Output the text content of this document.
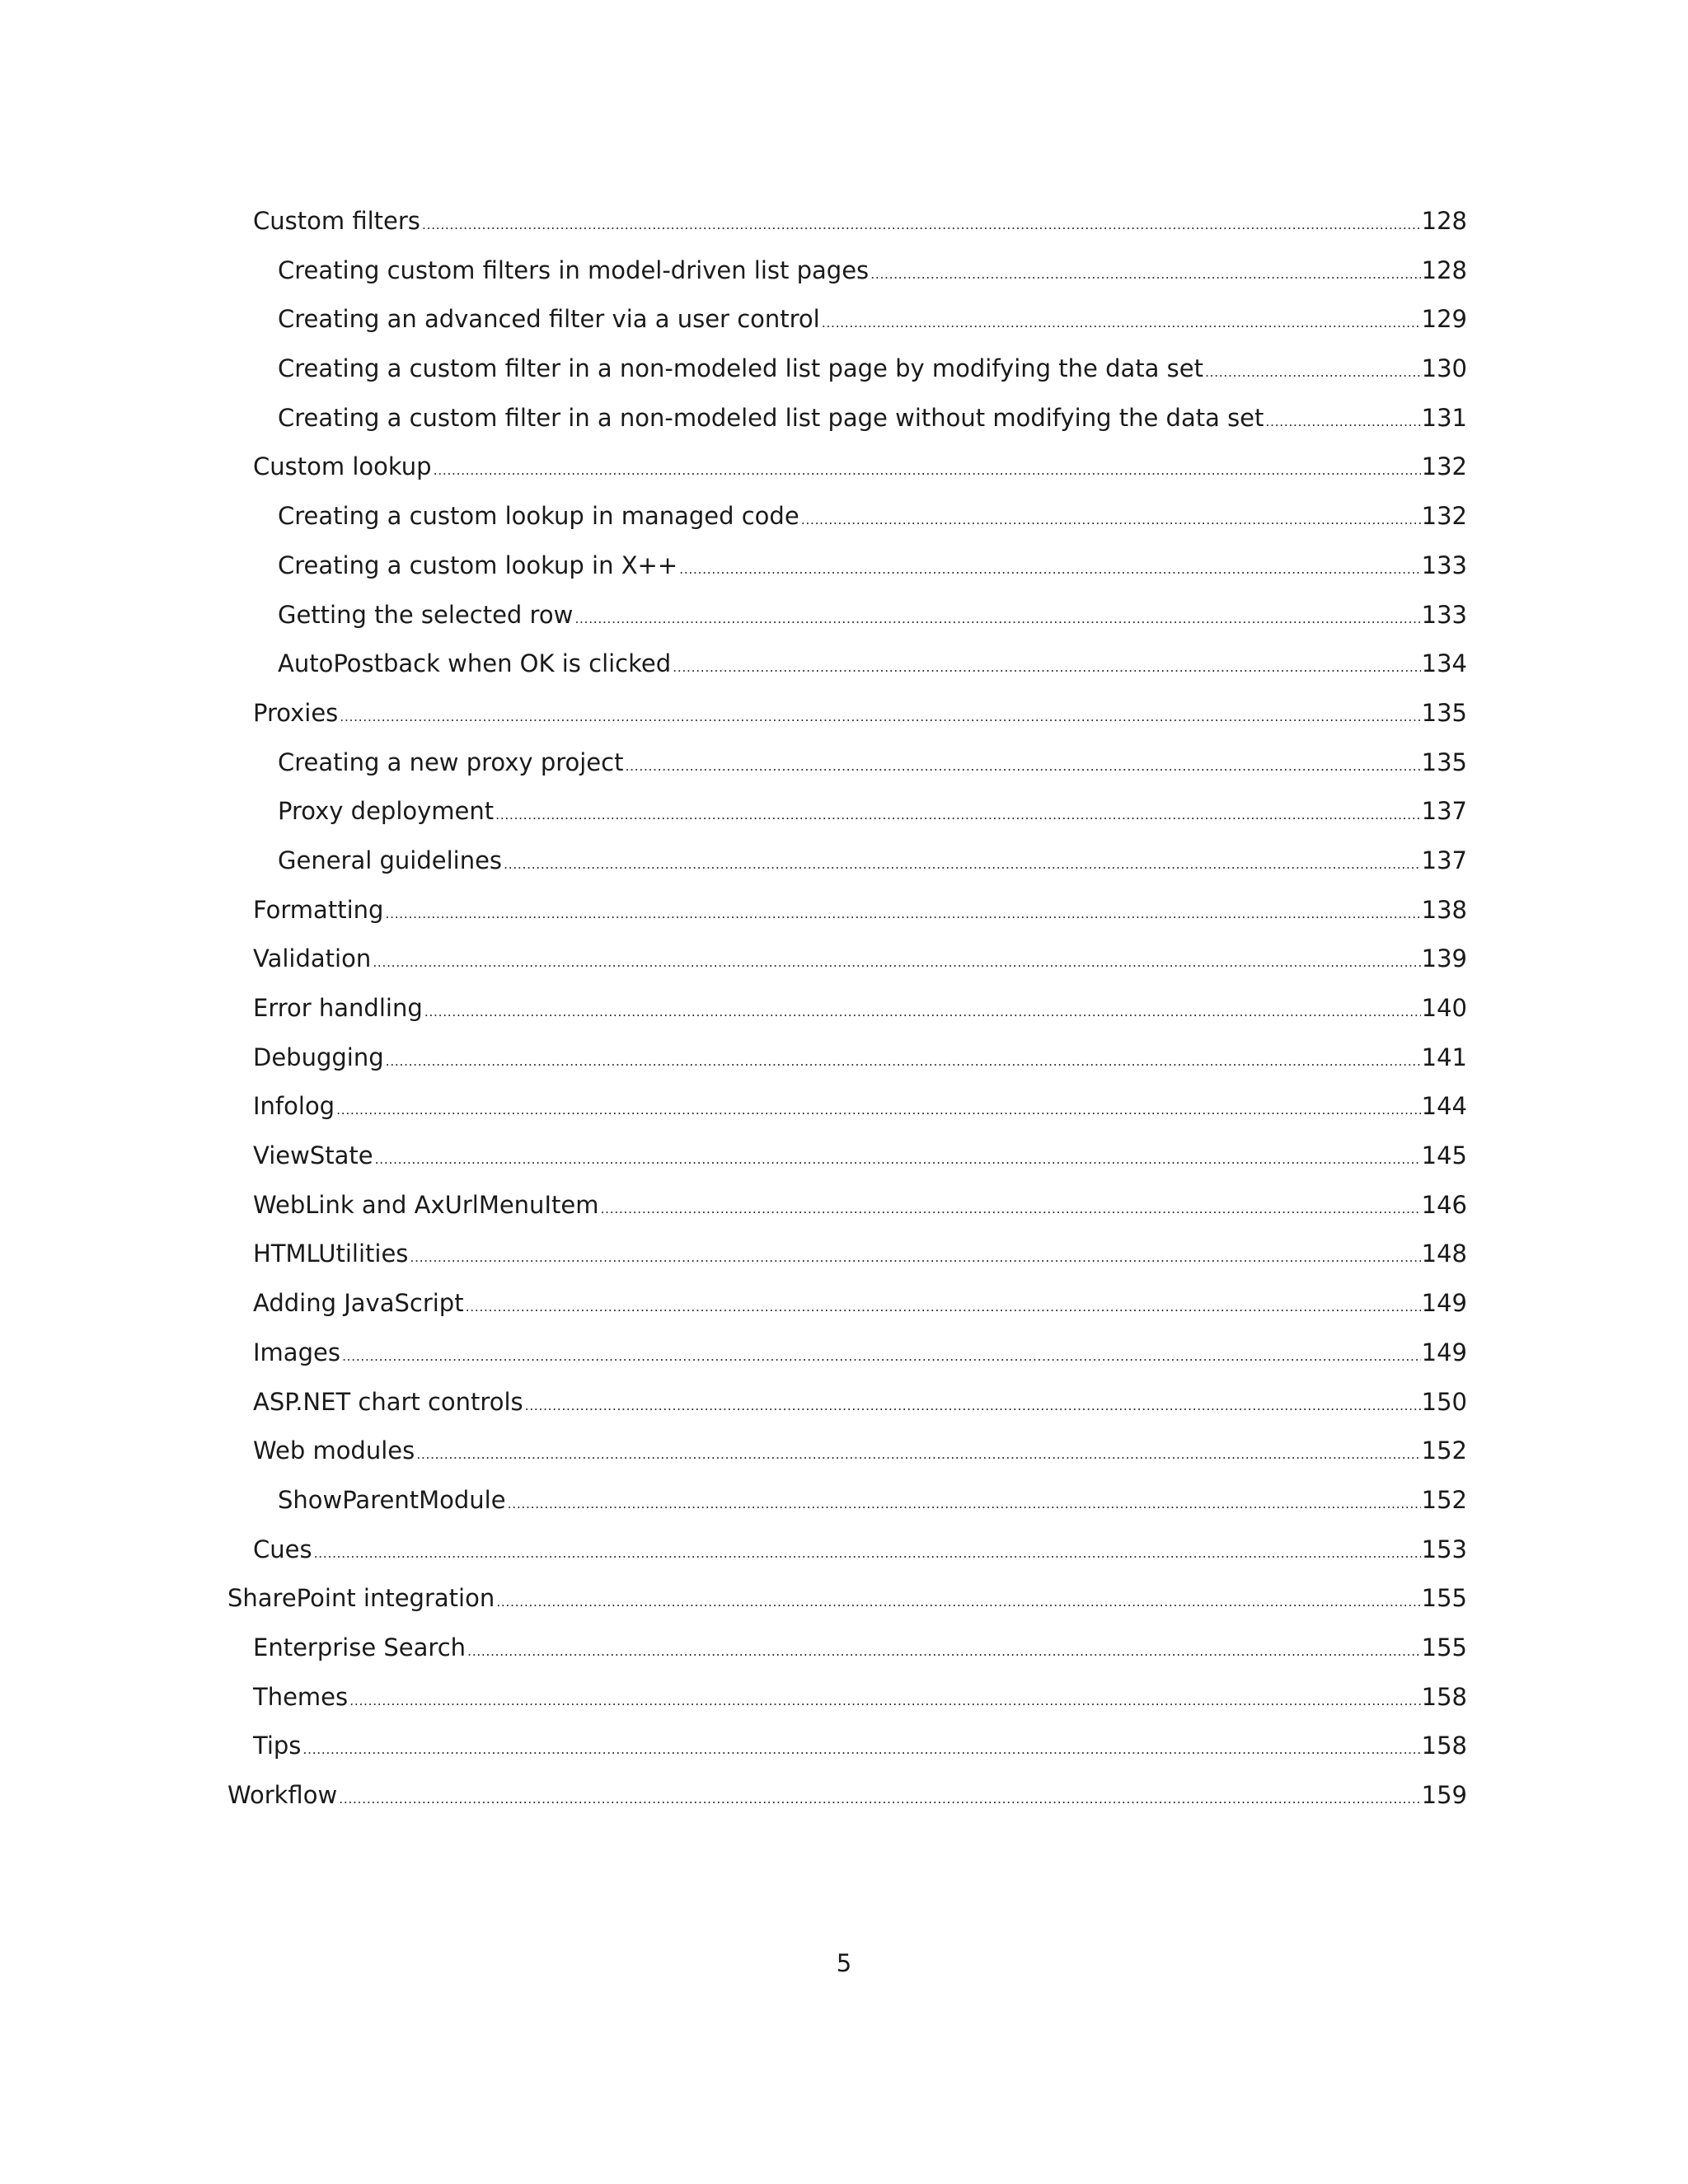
Custom filters .....	128
Creating custom filters in model-driven list pages .....	128
Creating an advanced filter via a user control .....	129
Creating a custom filter in a non-modeled list page by modifying the data set .....	130
Creating a custom filter in a non-modeled list page without modifying the data set .....	131
Custom lookup .....	132
Creating a custom lookup in managed code .....	132
Creating a custom lookup in X++ .....	133
Getting the selected row .....	133
AutoPostback when OK is clicked .....	134
Proxies .....	135
Creating a new proxy project .....	135
Proxy deployment .....	137
General guidelines .....	137
Formatting .....	138
Validation .....	139
Error handling .....	140
Debugging .....	141
Infolog .....	144
ViewState .....	145
WebLink and AxUrlMenuItem .....	146
HTMLUtilities .....	148
Adding JavaScript .....	149
Images .....	149
ASP.NET chart controls .....	150
Web modules .....	152
ShowParentModule .....	152
Cues .....	153
SharePoint integration .....	155
Enterprise Search .....	155
Themes .....	158
Tips .....	158
Workflow .....	159
5
